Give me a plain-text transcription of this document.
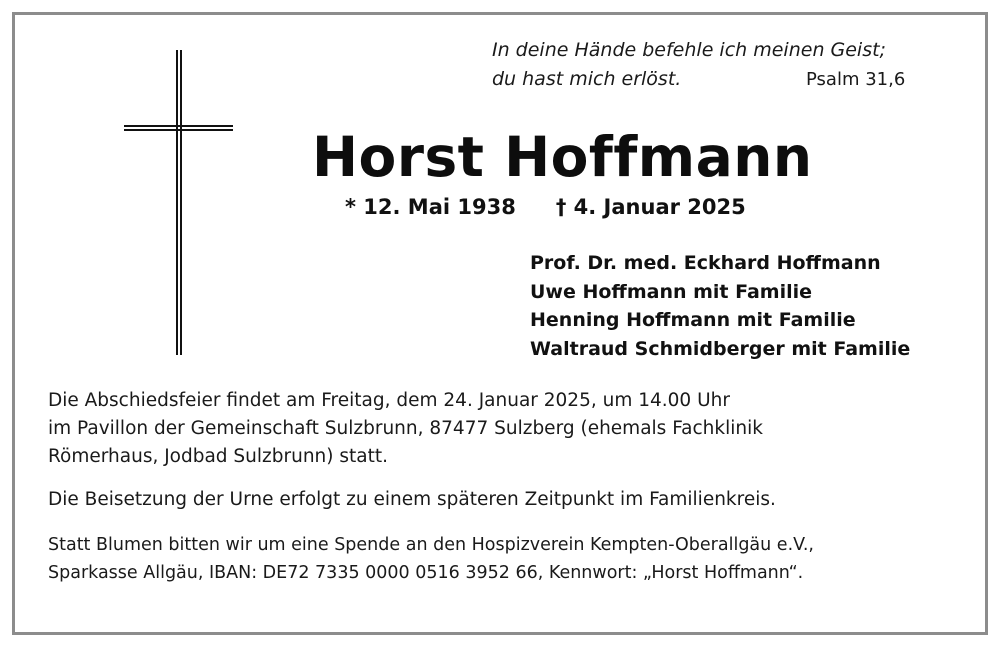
In deine Hände befehle ich meinen Geist;
du hast mich erlöst.	Psalm 31,6
Horst Hoffmann
* 12. Mai 1938 † 4. Januar 2025
Prof. Dr. med. Eckhard Hoffmann
Uwe Hoffmann mit Familie
Henning Hoffmann mit Familie
Waltraud Schmidberger mit Familie
Die Abschiedsfeier findet am Freitag, dem 24. Januar 2025, um 14.00 Uhr
im Pavillon der Gemeinschaft Sulzbrunn, 87477 Sulzberg (ehemals Fachklinik
Römerhaus, Jodbad Sulzbrunn) statt.
Die Beisetzung der Urne erfolgt zu einem späteren Zeitpunkt im Familienkreis.
Statt Blumen bitten wir um eine Spende an den Hospizverein Kempten-Oberallgäu e.V.,
Sparkasse Allgäu, IBAN: DE72 7335 0000 0516 3952 66, Kennwort: „Horst Hoffmann“.
